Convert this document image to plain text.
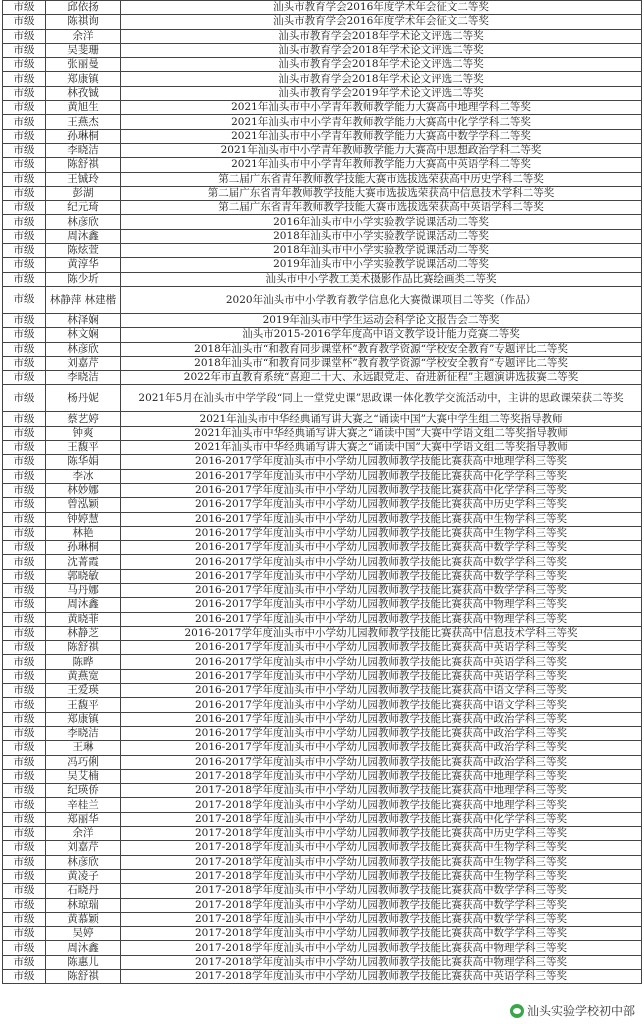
市级	邱依扬	汕头市教育学会2016年度学术年会征文二等奖
市级	陈祺询	汕头市教育学会2016年度学术年会征文二等奖
市级	余洋	汕头市教育学会2018年学术论文评选二等奖
市级	吴斐珊	汕头市教育学会2018年学术论文评选二等奖
市级	张丽曼	汕头市教育学会2018年学术论文评选二等奖
市级	郑康镇	汕头市教育学会2018年学术论文评选二等奖
市级	林孜铖	汕头市教育学会2019年学术论文评选二等奖
市级	黄旭生	2021年汕头市中小学青年教师教学能力大赛高中地理学科二等奖
市级	王燕杰	2021年汕头市中小学青年教师教学能力大赛高中化学学科二等奖
市级	孙琳桐	2021年汕头市中小学青年教师教学能力大赛高中数学学科二等奖
市级	李晓洁	2021年汕头市中小学青年教师教学能力大赛高中思想政治学科二等奖
市级	陈舒祺	2021年汕头市中小学青年教师教学能力大赛高中英语学科二等奖
市级	王铖玲	第二届广东省青年教师教学技能大赛市选拔选荣获高中历史学科二等奖
市级	彭湖	第二届广东省青年教师教学技能大赛市选拔选荣获高中信息技术学科二等奖
市级	纪元琦	第二届广东省青年教师教学技能大赛市选拔选荣获高中英语学科二等奖
市级	林彦欣	2016年汕头市中小学实验教学说课活动二等奖
市级	周沐鑫	2018年汕头市中小学实验教学说课活动二等奖
市级	陈炫萱	2018年汕头市中小学实验教学说课活动二等奖
市级	黄淳华	2019年汕头市中小学实验教学说课活动二等奖
市级	陈少圻	汕头市中小学教工美术摄影作品比赛绘画类二等奖
市级	林静萍 林建楷	2020年汕头市中小学教育教学信息化大赛微课项目二等奖（作品）
市级	林泽娴	2019年汕头市中学生运动会科学论文报告会二等奖
市级	林文娴	汕头市2015-2016学年度高中语文教学设计能力竞赛二等奖
市级	林彦欣	2018年汕头市“和教育同步课堂杯”教育教学资源“学校安全教育”专题评比二等奖
市级	刘嘉芹	2018年汕头市“和教育同步课堂杯”教育教学资源“学校安全教育”专题评比二等奖
市级	李晓洁	2022年市直教育系统“喜迎二十大、永远跟党走、奋进新征程”主题演讲选拔赛二等奖
市级	杨丹妮	2021年5月在汕头市中学学段“同上一堂党史课”思政课一体化教学交流活动中，主讲的思政课荣获二等奖
市级	蔡艺婷	2021年汕头市中华经典诵写讲大赛之“诵读中国”大赛中学生组二等奖指导教师
市级	钟爽	2021年汕头市中华经典诵写讲大赛之“诵读中国”大赛中学语文组二等奖指导教师
市级	王馥平	2021年汕头市中华经典诵写讲大赛之“诵读中国”大赛中学语文组二等奖指导教师
市级	陈华娟	2016-2017学年度汕头市中小学幼儿园教师教学技能比赛获高中地理学科三等奖
市级	李冰	2016-2017学年度汕头市中小学幼儿园教师教学技能比赛获高中化学学科三等奖
市级	林妙娜	2016-2017学年度汕头市中小学幼儿园教师教学技能比赛获高中化学学科三等奖
市级	曾泓颖	2016-2017学年度汕头市中小学幼儿园教师教学技能比赛获高中历史学科三等奖
市级	钟婷慧	2016-2017学年度汕头市中小学幼儿园教师教学技能比赛获高中生物学科三等奖
市级	林艳	2016-2017学年度汕头市中小学幼儿园教师教学技能比赛获高中生物学科三等奖
市级	孙琳桐	2016-2017学年度汕头市中小学幼儿园教师教学技能比赛获高中数学学科三等奖
市级	沈菁霞	2016-2017学年度汕头市中小学幼儿园教师教学技能比赛获高中数学学科三等奖
市级	郭晓敏	2016-2017学年度汕头市中小学幼儿园教师教学技能比赛获高中数学学科三等奖
市级	马丹娜	2016-2017学年度汕头市中小学幼儿园教师教学技能比赛获高中数学学科三等奖
市级	周沐鑫	2016-2017学年度汕头市中小学幼儿园教师教学技能比赛获高中物理学科三等奖
市级	黄晓菲	2016-2017学年度汕头市中小学幼儿园教师教学技能比赛获高中物理学科三等奖
市级	林静芝	2016-2017学年度汕头市中小学幼儿园教师教学技能比赛获高中信息技术学科三等奖
市级	陈舒祺	2016-2017学年度汕头市中小学幼儿园教师教学技能比赛获高中英语学科三等奖
市级	陈晔	2016-2017学年度汕头市中小学幼儿园教师教学技能比赛获高中英语学科三等奖
市级	黄燕宽	2016-2017学年度汕头市中小学幼儿园教师教学技能比赛获高中英语学科三等奖
市级	王爱瑛	2016-2017学年度汕头市中小学幼儿园教师教学技能比赛获高中语文学科三等奖
市级	王馥平	2016-2017学年度汕头市中小学幼儿园教师教学技能比赛获高中语文学科三等奖
市级	郑康镇	2016-2017学年度汕头市中小学幼儿园教师教学技能比赛获高中政治学科三等奖
市级	李晓洁	2016-2017学年度汕头市中小学幼儿园教师教学技能比赛获高中政治学科三等奖
市级	王琳	2016-2017学年度汕头市中小学幼儿园教师教学技能比赛获高中政治学科三等奖
市级	冯巧俐	2016-2017学年度汕头市中小学幼儿园教师教学技能比赛获高中政治学科三等奖
市级	吴艾楠	2017-2018学年度汕头市中小学幼儿园教师教学技能比赛获高中地理学科三等奖
市级	纪瑛侨	2017-2018学年度汕头市中小学幼儿园教师教学技能比赛获高中地理学科三等奖
市级	辛桂兰	2017-2018学年度汕头市中小学幼儿园教师教学技能比赛获高中地理学科三等奖
市级	郑丽华	2017-2018学年度汕头市中小学幼儿园教师教学技能比赛获高中化学学科三等奖
市级	余洋	2017-2018学年度汕头市中小学幼儿园教师教学技能比赛获高中历史学科三等奖
市级	刘嘉芹	2017-2018学年度汕头市中小学幼儿园教师教学技能比赛获高中生物学科三等奖
市级	林彦欣	2017-2018学年度汕头市中小学幼儿园教师教学技能比赛获高中生物学科三等奖
市级	黄凌子	2017-2018学年度汕头市中小学幼儿园教师教学技能比赛获高中生物学科三等奖
市级	石晓丹	2017-2018学年度汕头市中小学幼儿园教师教学技能比赛获高中数学学科三等奖
市级	林琼瑞	2017-2018学年度汕头市中小学幼儿园教师教学技能比赛获高中数学学科三等奖
市级	黄慕颖	2017-2018学年度汕头市中小学幼儿园教师教学技能比赛获高中数学学科三等奖
市级	吴婷	2017-2018学年度汕头市中小学幼儿园教师教学技能比赛获高中数学学科三等奖
市级	周沐鑫	2017-2018学年度汕头市中小学幼儿园教师教学技能比赛获高中物理学科三等奖
市级	陈惠儿	2017-2018学年度汕头市中小学幼儿园教师教学技能比赛获高中物理学科三等奖
市级	陈舒祺	2017-2018学年度汕头市中小学幼儿园教师教学技能比赛获高中英语学科三等奖
汕头实验学校初中部
